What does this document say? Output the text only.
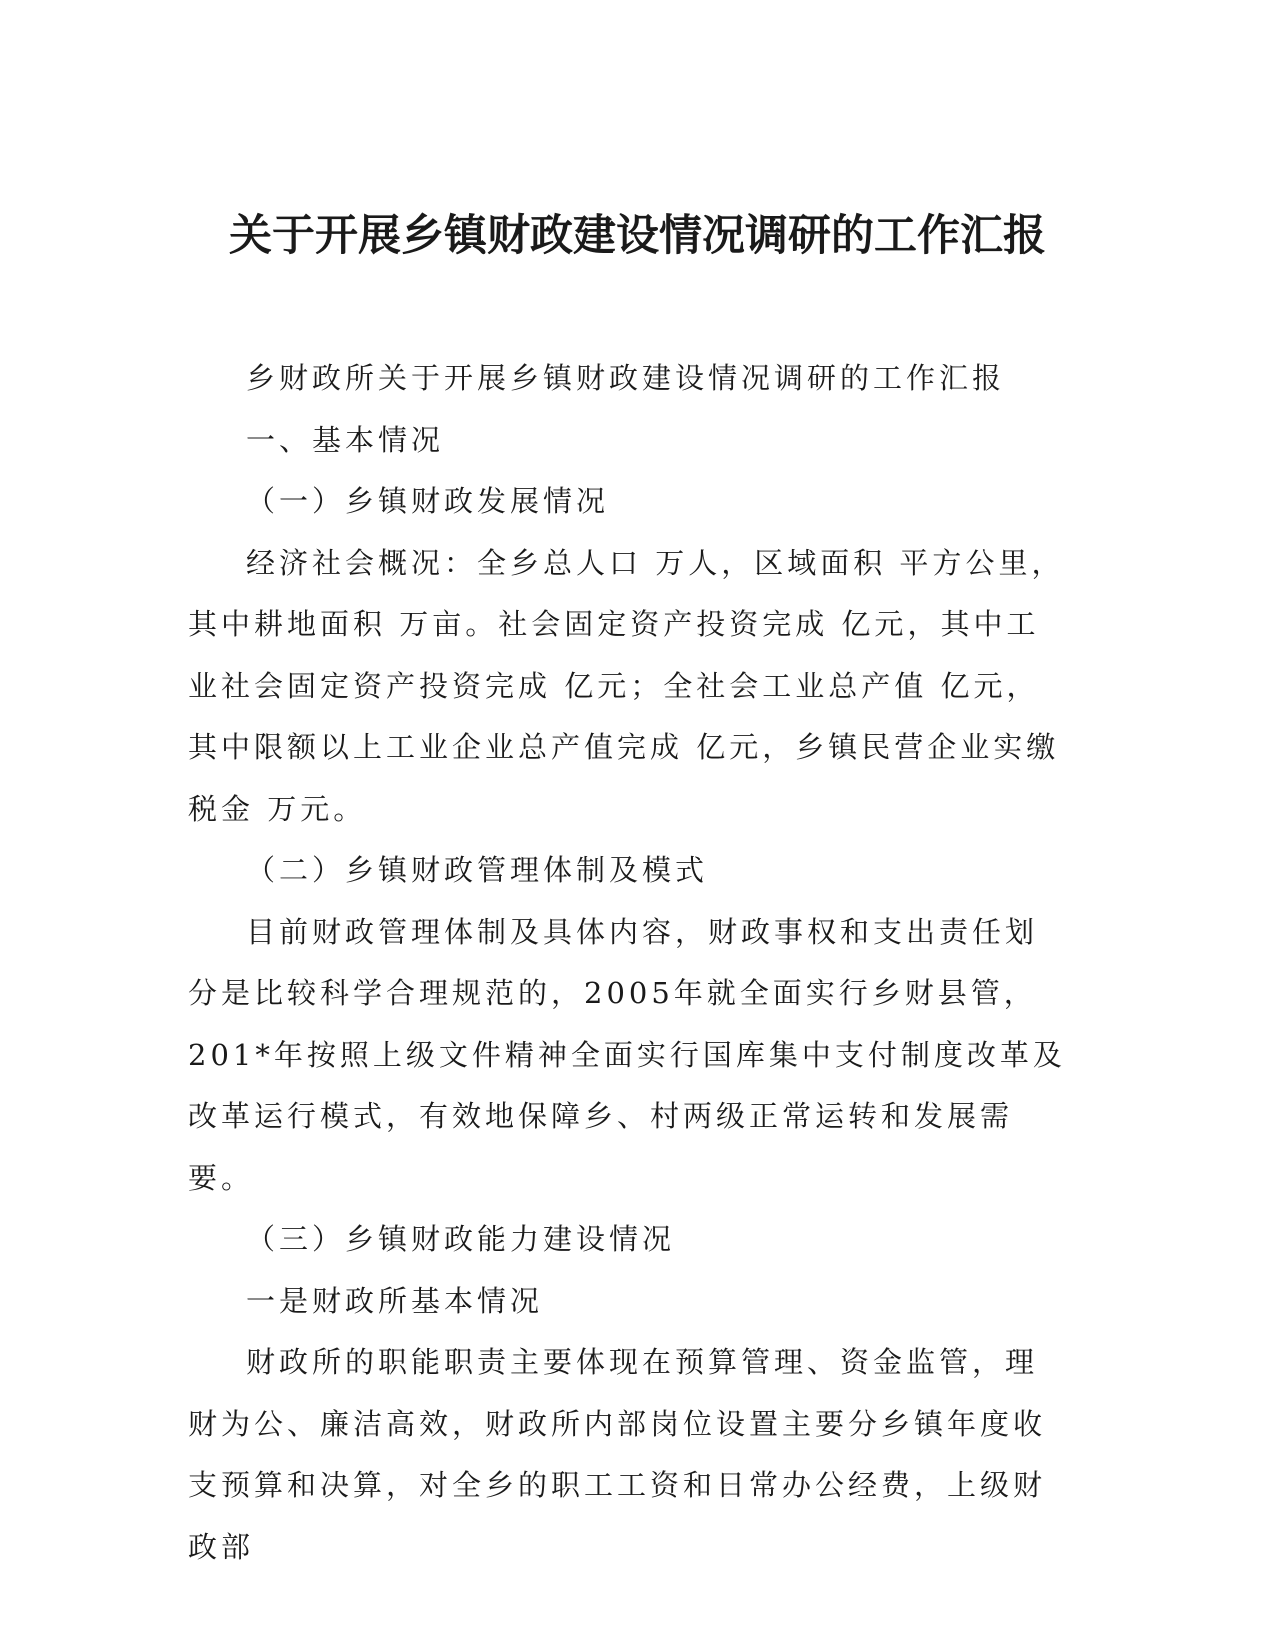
关于开展乡镇财政建设情况调研的工作汇报

乡财政所关于开展乡镇财政建设情况调研的工作汇报

一、基本情况

（一）乡镇财政发展情况

经济社会概况：全乡总人口 万人，区域面积 平方公里，其中耕地面积 万亩。社会固定资产投资完成 亿元，其中工业社会固定资产投资完成 亿元；全社会工业总产值 亿元，其中限额以上工业企业总产值完成 亿元，乡镇民营企业实缴税金 万元。

（二）乡镇财政管理体制及模式

目前财政管理体制及具体内容，财政事权和支出责任划分是比较科学合理规范的，2005年就全面实行乡财县管，201*年按照上级文件精神全面实行国库集中支付制度改革及改革运行模式，有效地保障乡、村两级正常运转和发展需要。

（三）乡镇财政能力建设情况

一是财政所基本情况

财政所的职能职责主要体现在预算管理、资金监管，理财为公、廉洁高效，财政所内部岗位设置主要分乡镇年度收支预算和决算，对全乡的职工工资和日常办公经费，上级财政部
